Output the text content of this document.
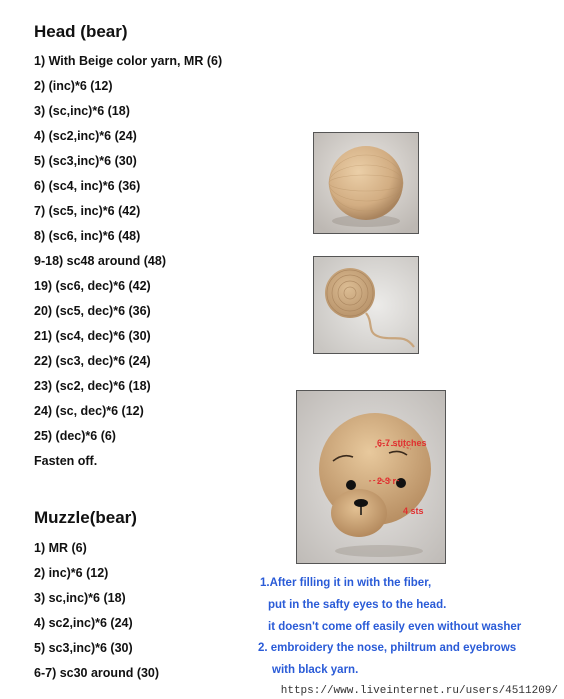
Head (bear)
1) With Beige color yarn, MR (6)
2) (inc)*6 (12)
3) (sc,inc)*6 (18)
4) (sc2,inc)*6 (24)
5) (sc3,inc)*6 (30)
6) (sc4, inc)*6 (36)
7) (sc5, inc)*6 (42)
8) (sc6, inc)*6 (48)
9-18) sc48 around (48)
19) (sc6, dec)*6 (42)
20) (sc5, dec)*6 (36)
21) (sc4, dec)*6 (30)
22) (sc3, dec)*6 (24)
23) (sc2, dec)*6 (18)
24) (sc, dec)*6 (12)
25) (dec)*6 (6)
Fasten off.
Muzzle(bear)
1) MR (6)
2) inc)*6 (12)
3) sc,inc)*6 (18)
4) sc2,inc)*6 (24)
5) sc3,inc)*6 (30)
6-7) sc30 around (30)
6-7 stitches
2-3 r
4 sts
1.After filling it in with the fiber,
put in the safty eyes to the head.
it doesn't come off easily even without washer
2. embroidery the nose, philtrum and eyebrows
with black yarn.
https://www.liveinternet.ru/users/4511209/
